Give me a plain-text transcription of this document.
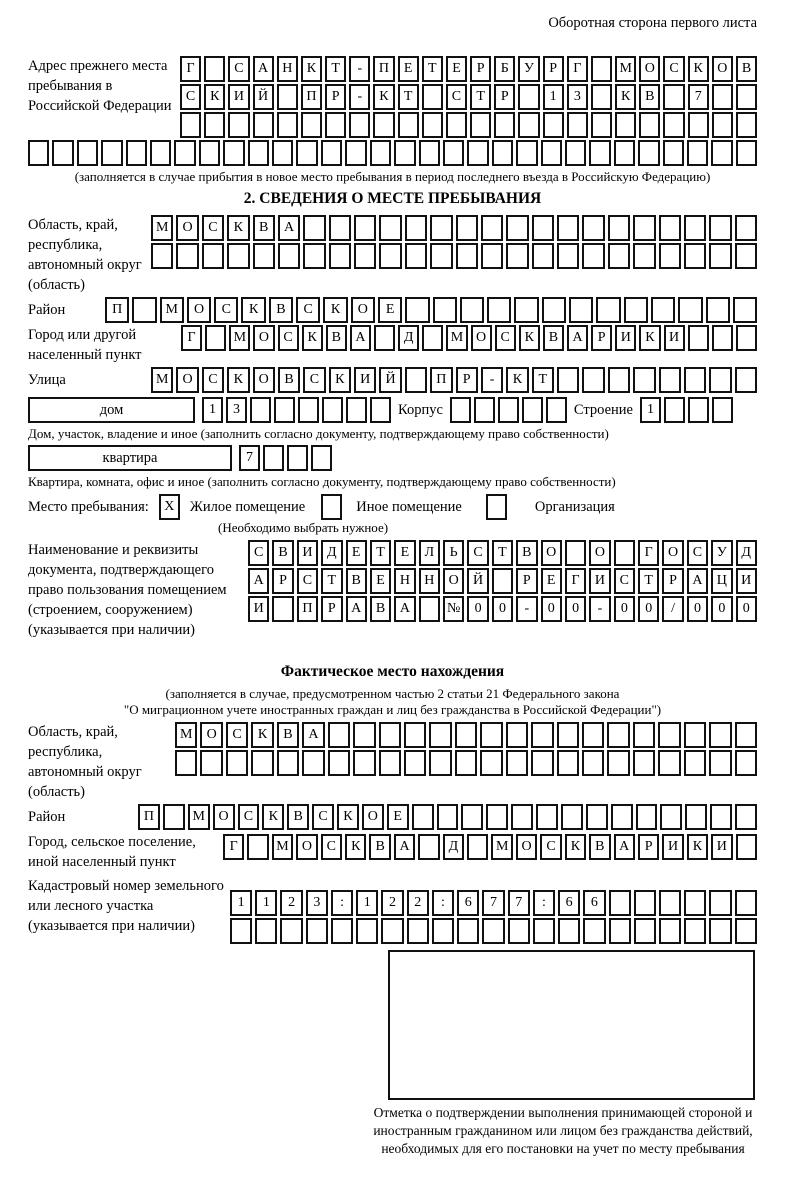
Оборотная сторона первого листа
Адрес прежнего места пребывания в Российской Федерации
Г	С	А	Н	К	Т	-	П	Е	Т	Е	Р	Б	У	Р	Г	М О	С	К	О	В
С	К	И	Й	П	Р	-	К	Т	С	Т	Р	1	3	К	В	7
(заполняется в случае прибытия в новое место пребывания в период последнего въезда в Российскую Федерацию)
2. СВЕДЕНИЯ О МЕСТЕ ПРЕБЫВАНИЯ
Область, край, республика, автономный округ (область)
М	О	С	К	В	А
Район	П	М	О	С	К	В	С	К	О	Е
Город или другой населенный пункт
Г	М О	С	К	В	А	Д	М О	С	К	В	А	Р	И	К	И
Улица	М	О	С	К	О	В	С	К	И	Й	П	Р	-	К	Т
дом	1	3	Корпус	Строение	1
Дом, участок, владение и иное (заполнить согласно документу, подтверждающему право собственности)
квартира	7
Квартира, комната, офис и иное (заполнить согласно документу, подтверждающему право собственности)
Место пребывания:	X	Жилое помещение	Иное помещение	Организация
(Необходимо выбрать нужное)
Наименование и реквизиты документа, подтверждающего право пользования помещением (строением, сооружением) (указывается при наличии)
С	В	И	Д	Е	Т	Е	Л	Ь	С	Т	В	О	О	Г	О	С	У	Д
А	Р	С	Т	В	Е	Н	Н	О	Й	Р	Е	Г	И	С	Т	Р	А	Ц	И
И	П	Р	А	В	А	№	0	0	-	0	0	-	0	0	/	0	0	0
Фактическое место нахождения
(заполняется в случае, предусмотренном частью 2 статьи 21 Федерального закона
"О миграционном учете иностранных граждан и лиц без гражданства в Российской Федерации")
Область, край, республика, автономный округ (область)
М	О	С	К	В	А
Район	П	М О	С	К	В	С	К	О	Е
Город, сельское поселение, иной населенный пункт
Г	М О	С	К	В	А	Д	М О	С	К	В	А	Р	И	К	И
Кадастровый номер земельного или лесного участка (указывается при наличии)
1	1	2	3	:	1	2	2	:	6	7	7	:	6	6
Отметка о подтверждении выполнения принимающей стороной и иностранным гражданином или лицом без гражданства действий, необходимых для его постановки на учет по месту пребывания
